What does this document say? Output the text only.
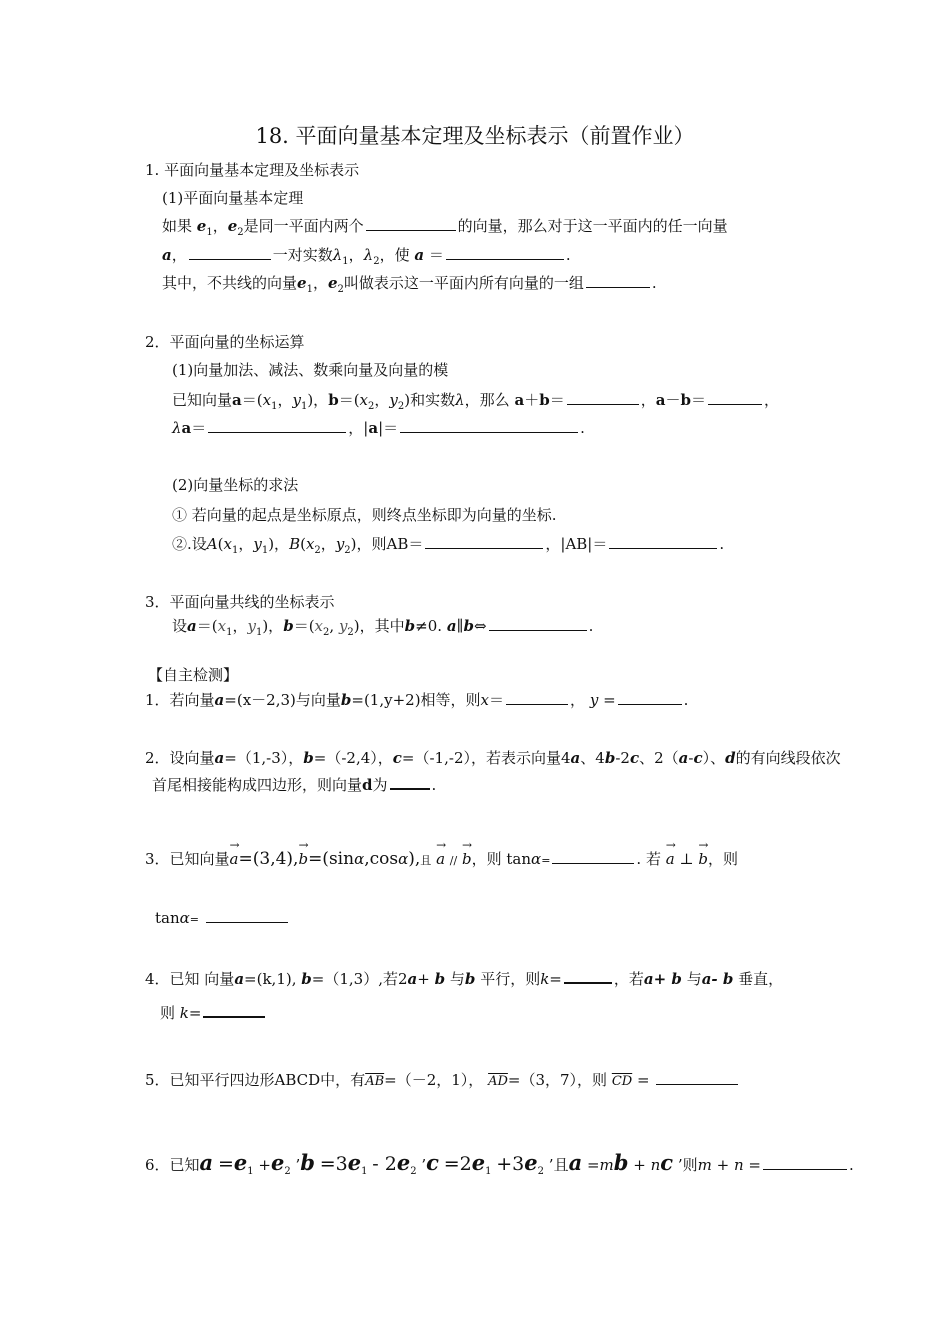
18. 平面向量基本定理及坐标表示（前置作业）
1. 平面向量基本定理及坐标表示
(1)平面向量基本定理
如果 $e_1$，$e_2$是同一平面内两个	的向量，那么对于这一平面内的任一向量
a，	一对实数$\lambda_1$，$\lambda_2$，使 a ＝	.
其中，不共线的向量$e_1$，$e_2$叫做表示这一平面内所有向量的一组	.
2．平面向量的坐标运算
(1)向量加法、减法、数乘向量及向量的模
已知向量$a=(x_1$，$y_1$)，$b=(x_2$，$y_2$)和实数λ，那么 a＋b＝	，a－b＝	，
λa＝	，|a|＝	.
(2)向量坐标的求法
① 若向量的起点是坐标原点，则终点坐标即为向量的坐标.
②.设$A(x_1$，$y_1$)，$B(x_2$，$y_2$)，则AB＝	，|AB|＝	.
3．平面向量共线的坐标表示
设$a=(x_1$，$y_1$)，$b=(x_2$, $y_2$)，其中b≠0. a∥b⇔	.
【自主检测】
1．若向量a=(x－2,3)与向量b=(1,y+2)相等，则x＝	， y =	.
2．设向量a=（1,-3），b=（-2,4），c=（-1,-2），若表示向量4a、4b-2c、2（a-c）、d的有向线段依次
首尾相接能构成四边形，则向量d为	.
3．已知向量→ a=(3,4),→ b=(sinα,cosα),且 → a // → b，则 tanα=	. 若 → a ⊥ → b，则
tanα=
4．已知 向量a=(k,1), b=（1,3）,若2a+ b 与b 平行，则k=	，若a+ b 与a- b 垂直，
则 k=
5．已知平行四边形ABCD中，有$\overline{AB}=(-2$，1）， $\overline{AD}=(3$，7），则 $\overline{CD}$ =
6．已知$a =e_1 +e_2$ ’b $=3e_1 - 2e_2$ ’c $=2e_1 +3e_2$ ’且a =mb + nc ’则m + n =	.
